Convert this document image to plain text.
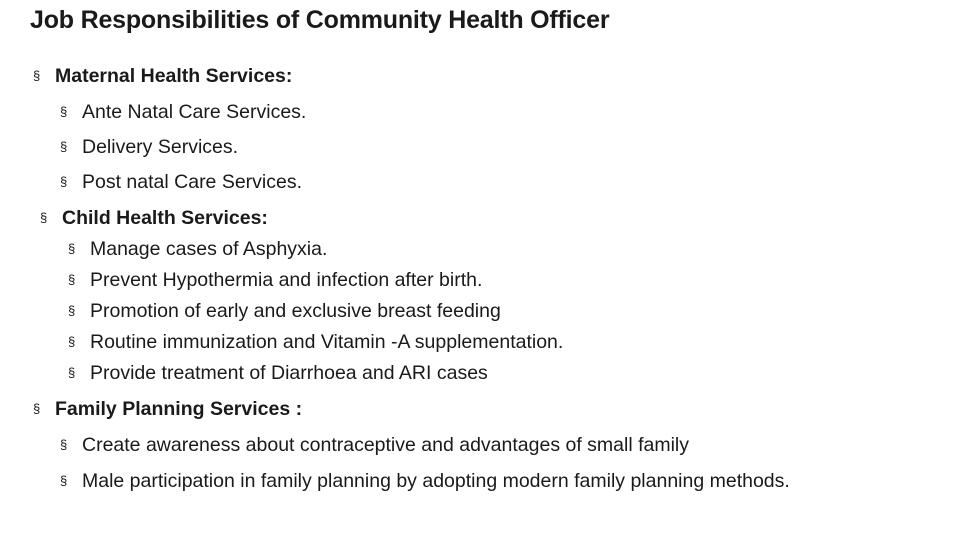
Job Responsibilities of Community Health Officer
§ Maternal Health Services:
§ Ante Natal Care Services.
§ Delivery Services.
§ Post natal Care Services.
§ Child Health Services:
§ Manage cases of Asphyxia.
§ Prevent Hypothermia and infection after birth.
§ Promotion of early and exclusive breast feeding
§ Routine immunization and Vitamin -A supplementation.
§ Provide treatment of Diarrhoea and ARI cases
§ Family Planning Services :
§ Create awareness about contraceptive and advantages of small family
§ Male participation in family planning by adopting modern family planning methods.
